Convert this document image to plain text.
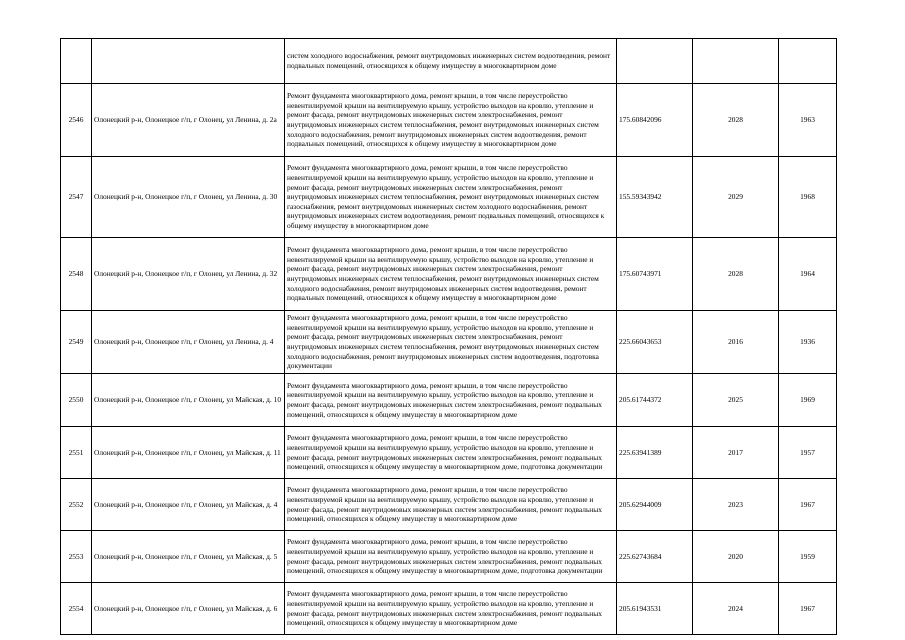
		систем холодного водоснабжения, ремонт внутридомовых инженерных систем водоотведения, ремонт подвальных помещений, относящихся к общему имуществу в многоквартирном доме			

2546	Олонецкий р-н, Олонецкое г/п, г Олонец, ул Ленина, д. 2а	Ремонт фундамента многоквартирного дома, ремонт крыши, в том числе переустройство невентилируемой крыши на вентилируемую крышу, устройство выходов на кровлю, утепление и ремонт фасада, ремонт внутридомовых инженерных систем электроснабжения, ремонт внутридомовых инженерных систем теплоснабжения, ремонт внутридомовых инженерных систем холодного водоснабжения, ремонт внутридомовых инженерных систем водоотведения, ремонт подвальных помещений, относящихся к общему имуществу в многоквартирном доме	175.60842096	2028	1963
2547	Олонецкий р-н, Олонецкое г/п, г Олонец, ул Ленина, д. 30	Ремонт фундамента многоквартирного дома, ремонт крыши, в том числе переустройство невентилируемой крыши на вентилируемую крышу, устройство выходов на кровлю, утепление и ремонт фасада, ремонт внутридомовых инженерных систем электроснабжения, ремонт внутридомовых инженерных систем теплоснабжения, ремонт внутридомовых инженерных систем газоснабжения, ремонт внутридомовых инженерных систем холодного водоснабжения, ремонт внутридомовых инженерных систем водоотведения, ремонт подвальных помещений, относящихся к общему имуществу в многоквартирном доме	155.59343942	2029	1968
2548	Олонецкий р-н, Олонецкое г/п, г Олонец, ул Ленина, д. 32	Ремонт фундамента многоквартирного дома, ремонт крыши, в том числе переустройство невентилируемой крыши на вентилируемую крышу, устройство выходов на кровлю, утепление и ремонт фасада, ремонт внутридомовых инженерных систем электроснабжения, ремонт внутридомовых инженерных систем теплоснабжения, ремонт внутридомовых инженерных систем холодного водоснабжения, ремонт внутридомовых инженерных систем водоотведения, ремонт подвальных помещений, относящихся к общему имуществу в многоквартирном доме	175.60743971	2028	1964
2549	Олонецкий р-н, Олонецкое г/п, г Олонец, ул Ленина, д. 4	Ремонт фундамента многоквартирного дома, ремонт крыши, в том числе переустройство невентилируемой крыши на вентилируемую крышу, устройство выходов на кровлю, утепление и ремонт фасада, ремонт внутридомовых инженерных систем электроснабжения, ремонт внутридомовых инженерных систем теплоснабжения, ремонт внутридомовых инженерных систем холодного водоснабжения, ремонт внутридомовых инженерных систем водоотведения, подготовка документации	225.66043653	2016	1936
2550	Олонецкий р-н, Олонецкое г/п, г Олонец, ул Майская, д. 10	Ремонт фундамента многоквартирного дома, ремонт крыши, в том числе переустройство невентилируемой крыши на вентилируемую крышу, устройство выходов на кровлю, утепление и ремонт фасада, ремонт внутридомовых инженерных систем электроснабжения, ремонт подвальных помещений, относящихся к общему имуществу в многоквартирном доме	205.61744372	2025	1969
2551	Олонецкий р-н, Олонецкое г/п, г Олонец, ул Майская, д. 11	Ремонт фундамента многоквартирного дома, ремонт крыши, в том числе переустройство невентилируемой крыши на вентилируемую крышу, устройство выходов на кровлю, утепление и ремонт фасада, ремонт внутридомовых инженерных систем электроснабжения, ремонт подвальных помещений, относящихся к общему имуществу в многоквартирном доме, подготовка документации	225.63941389	2017	1957
2552	Олонецкий р-н, Олонецкое г/п, г Олонец, ул Майская, д. 4	Ремонт фундамента многоквартирного дома, ремонт крыши, в том числе переустройство невентилируемой крыши на вентилируемую крышу, устройство выходов на кровлю, утепление и ремонт фасада, ремонт внутридомовых инженерных систем электроснабжения, ремонт подвальных помещений, относящихся к общему имуществу в многоквартирном доме	205.62944009	2023	1967
2553	Олонецкий р-н, Олонецкое г/п, г Олонец, ул Майская, д. 5	Ремонт фундамента многоквартирного дома, ремонт крыши, в том числе переустройство невентилируемой крыши на вентилируемую крышу, устройство выходов на кровлю, утепление и ремонт фасада, ремонт внутридомовых инженерных систем электроснабжения, ремонт подвальных помещений, относящихся к общему имуществу в многоквартирном доме, подготовка документации	225.62743684	2020	1959
2554	Олонецкий р-н, Олонецкое г/п, г Олонец, ул Майская, д. 6	Ремонт фундамента многоквартирного дома, ремонт крыши, в том числе переустройство невентилируемой крыши на вентилируемую крышу, устройство выходов на кровлю, утепление и ремонт фасада, ремонт внутридомовых инженерных систем электроснабжения, ремонт подвальных помещений, относящихся к общему имуществу в многоквартирном доме	205.61943531	2024	1967
